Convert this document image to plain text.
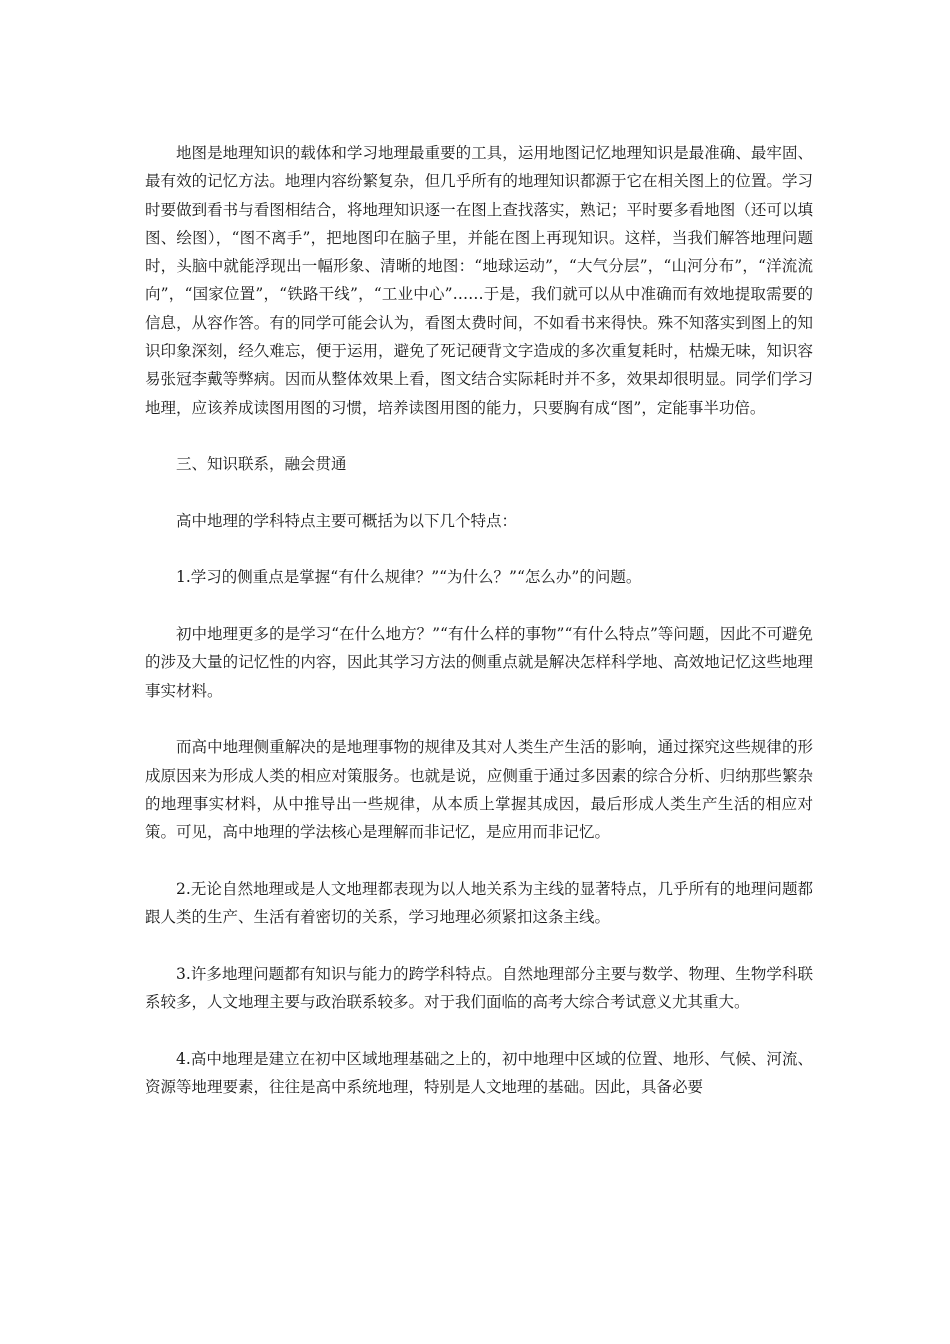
地图是地理知识的载体和学习地理最重要的工具，运用地图记忆地理知识是最准确、最牢固、最有效的记忆方法。地理内容纷繁复杂，但几乎所有的地理知识都源于它在相关图上的位置。学习时要做到看书与看图相结合，将地理知识逐一在图上查找落实，熟记；平时要多看地图（还可以填图、绘图），“图不离手”，把地图印在脑子里，并能在图上再现知识。这样，当我们解答地理问题时，头脑中就能浮现出一幅形象、清晰的地图：“地球运动”，“大气分层”，“山河分布”，“洋流流向”，“国家位置”，“铁路干线”，“工业中心”……于是，我们就可以从中准确而有效地提取需要的信息，从容作答。有的同学可能会认为，看图太费时间，不如看书来得快。殊不知落实到图上的知识印象深刻，经久难忘，便于运用，避免了死记硬背文字造成的多次重复耗时，枯燥无味，知识容易张冠李戴等弊病。因而从整体效果上看，图文结合实际耗时并不多，效果却很明显。同学们学习地理，应该养成读图用图的习惯，培养读图用图的能力，只要胸有成“图”，定能事半功倍。

三、知识联系，融会贯通

高中地理的学科特点主要可概括为以下几个特点：

1.学习的侧重点是掌握“有什么规律？”“为什么？”“怎么办”的问题。

初中地理更多的是学习“在什么地方？”“有什么样的事物”“有什么特点”等问题，因此不可避免的涉及大量的记忆性的内容，因此其学习方法的侧重点就是解决怎样科学地、高效地记忆这些地理事实材料。

而高中地理侧重解决的是地理事物的规律及其对人类生产生活的影响，通过探究这些规律的形成原因来为形成人类的相应对策服务。也就是说，应侧重于通过多因素的综合分析、归纳那些繁杂的地理事实材料，从中推导出一些规律，从本质上掌握其成因，最后形成人类生产生活的相应对策。可见，高中地理的学法核心是理解而非记忆，是应用而非记忆。

2.无论自然地理或是人文地理都表现为以人地关系为主线的显著特点，几乎所有的地理问题都跟人类的生产、生活有着密切的关系，学习地理必须紧扣这条主线。

3.许多地理问题都有知识与能力的跨学科特点。自然地理部分主要与数学、物理、生物学科联系较多，人文地理主要与政治联系较多。对于我们面临的高考大综合考试意义尤其重大。

4.高中地理是建立在初中区域地理基础之上的，初中地理中区域的位置、地形、气候、河流、资源等地理要素，往往是高中系统地理，特别是人文地理的基础。因此，具备必要
